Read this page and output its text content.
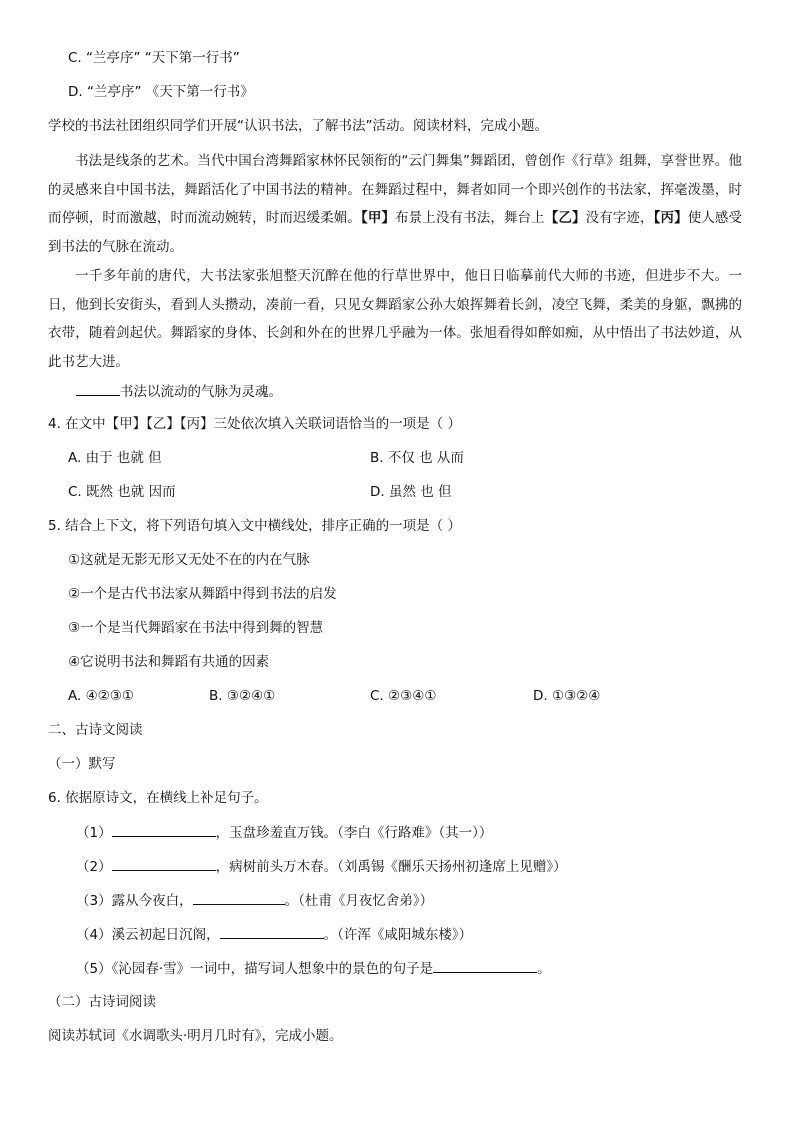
C. “兰亭序” “天下第一行书”
D. “兰亭序” 《天下第一行书》
学校的书法社团组织同学们开展“认识书法，了解书法”活动。阅读材料，完成小题。
书法是线条的艺术。当代中国台湾舞蹈家林怀民领衔的“云门舞集”舞蹈团，曾创作《行草》组舞，享誉世界。他的灵感来自中国书法，舞蹈活化了中国书法的精神。在舞蹈过程中，舞者如同一个即兴创作的书法家，挥毫泼墨，时而停顿，时而激越，时而流动婉转，时而迟缓柔媚。【甲】布景上没有书法，舞台上【乙】没有字迹，【丙】使人感受到书法的气脉在流动。
一千多年前的唐代，大书法家张旭整天沉醉在他的行草世界中，他日日临摹前代大师的书迹，但进步不大。一日，他到长安街头，看到人头攒动，凑前一看，只见女舞蹈家公孙大娘挥舞着长剑，凌空飞舞，柔美的身躯，飘拂的衣带，随着剑起伏。舞蹈家的身体、长剑和外在的世界几乎融为一体。张旭看得如醉如痴，从中悟出了书法妙道，从此书艺大进。
书法以流动的气脉为灵魂。
4. 在文中【甲】【乙】【丙】三处依次填入关联词语恰当的一项是（ ）
A. 由于 也就 但	B. 不仅 也 从而
C. 既然 也就 因而	D. 虽然 也 但
5. 结合上下文，将下列语句填入文中横线处，排序正确的一项是（ ）
①这就是无影无形又无处不在的内在气脉
②一个是古代书法家从舞蹈中得到书法的启发
③一个是当代舞蹈家在书法中得到舞的智慧
④它说明书法和舞蹈有共通的因素
A. ④②③①	B. ③②④①	C. ②③④①	D. ①③②④
二、古诗文阅读
（一）默写
6. 依据原诗文，在横线上补足句子。
（1）	，玉盘珍羞直万钱。（李白《行路难》（其一））
（2）	，病树前头万木春。（刘禹锡《酬乐天扬州初逢席上见赠》）
（3）露从今夜白，	。（杜甫《月夜忆舍弟》）
（4）溪云初起日沉阁，	。（许浑《咸阳城东楼》）
（5）《沁园春·雪》一词中，描写词人想象中的景色的句子是	。
（二）古诗词阅读
阅读苏轼词《水调歌头·明月几时有》，完成小题。
